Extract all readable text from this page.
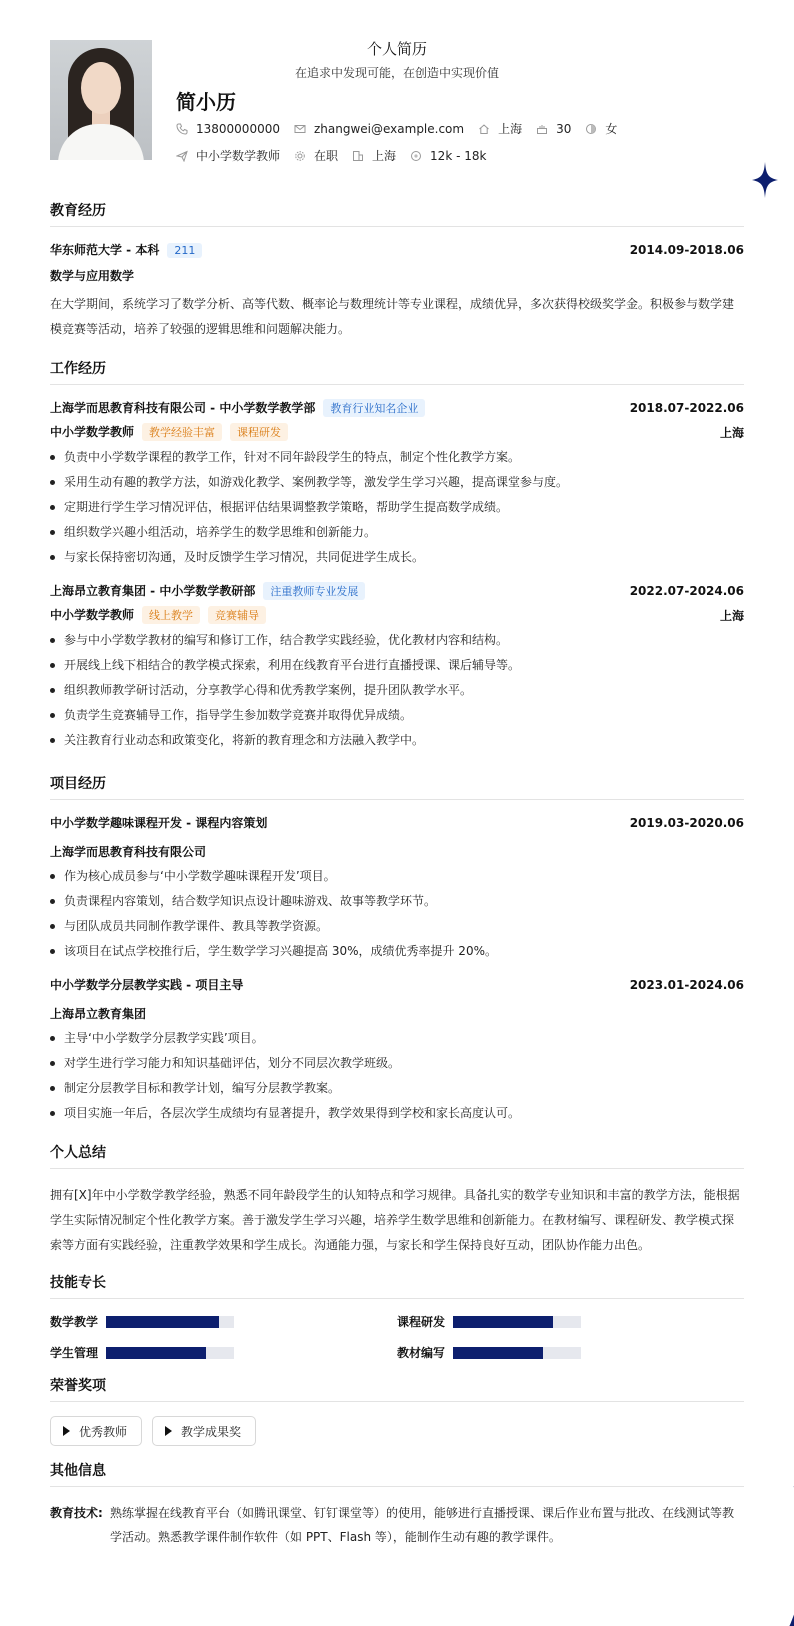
个人简历
在追求中发现可能，在创造中实现价值
简小历
13800000000	zhangwei@example.com	上海	30	女
中小学数学教师	在职	上海	12k - 18k
教育经历
华东师范大学 - 本科 211	2014.09-2018.06
数学与应用数学
在大学期间，系统学习了数学分析、高等代数、概率论与数理统计等专业课程，成绩优异，多次获得校级奖学金。积极参与数学建模竞赛等活动，培养了较强的逻辑思维和问题解决能力。
工作经历
上海学而思教育科技有限公司 - 中小学数学教学部 教育行业知名企业	2018.07-2022.06
中小学数学教师 教学经验丰富 课程研发	上海
负责中小学数学课程的教学工作，针对不同年龄段学生的特点，制定个性化教学方案。
采用生动有趣的教学方法，如游戏化教学、案例教学等，激发学生学习兴趣，提高课堂参与度。
定期进行学生学习情况评估，根据评估结果调整教学策略，帮助学生提高数学成绩。
组织数学兴趣小组活动，培养学生的数学思维和创新能力。
与家长保持密切沟通，及时反馈学生学习情况，共同促进学生成长。
上海昂立教育集团 - 中小学数学教研部 注重教师专业发展	2022.07-2024.06
中小学数学教师 线上教学 竞赛辅导	上海
参与中小学数学教材的编写和修订工作，结合教学实践经验，优化教材内容和结构。
开展线上线下相结合的教学模式探索，利用在线教育平台进行直播授课、课后辅导等。
组织教师教学研讨活动，分享教学心得和优秀教学案例，提升团队教学水平。
负责学生竞赛辅导工作，指导学生参加数学竞赛并取得优异成绩。
关注教育行业动态和政策变化，将新的教育理念和方法融入教学中。
项目经历
中小学数学趣味课程开发 - 课程内容策划	2019.03-2020.06
上海学而思教育科技有限公司
作为核心成员参与‘中小学数学趣味课程开发’项目。
负责课程内容策划，结合数学知识点设计趣味游戏、故事等教学环节。
与团队成员共同制作教学课件、教具等教学资源。
该项目在试点学校推行后，学生数学学习兴趣提高 30%，成绩优秀率提升 20%。
中小学数学分层教学实践 - 项目主导	2023.01-2024.06
上海昂立教育集团
主导‘中小学数学分层教学实践’项目。
对学生进行学习能力和知识基础评估，划分不同层次教学班级。
制定分层教学目标和教学计划，编写分层教学教案。
项目实施一年后，各层次学生成绩均有显著提升，教学效果得到学校和家长高度认可。
个人总结
拥有[X]年中小学数学教学经验，熟悉不同年龄段学生的认知特点和学习规律。具备扎实的数学专业知识和丰富的教学方法，能根据学生实际情况制定个性化教学方案。善于激发学生学习兴趣，培养学生数学思维和创新能力。在教材编写、课程研发、教学模式探索等方面有实践经验，注重教学效果和学生成长。沟通能力强，与家长和学生保持良好互动，团队协作能力出色。
技能专长
数学教学	课程研发
学生管理	教材编写
荣誉奖项
优秀教师	教学成果奖
其他信息
教育技术: 熟练掌握在线教育平台（如腾讯课堂、钉钉课堂等）的使用，能够进行直播授课、课后作业布置与批改、在线测试等教学活动。熟悉教学课件制作软件（如 PPT、Flash 等），能制作生动有趣的教学课件。
